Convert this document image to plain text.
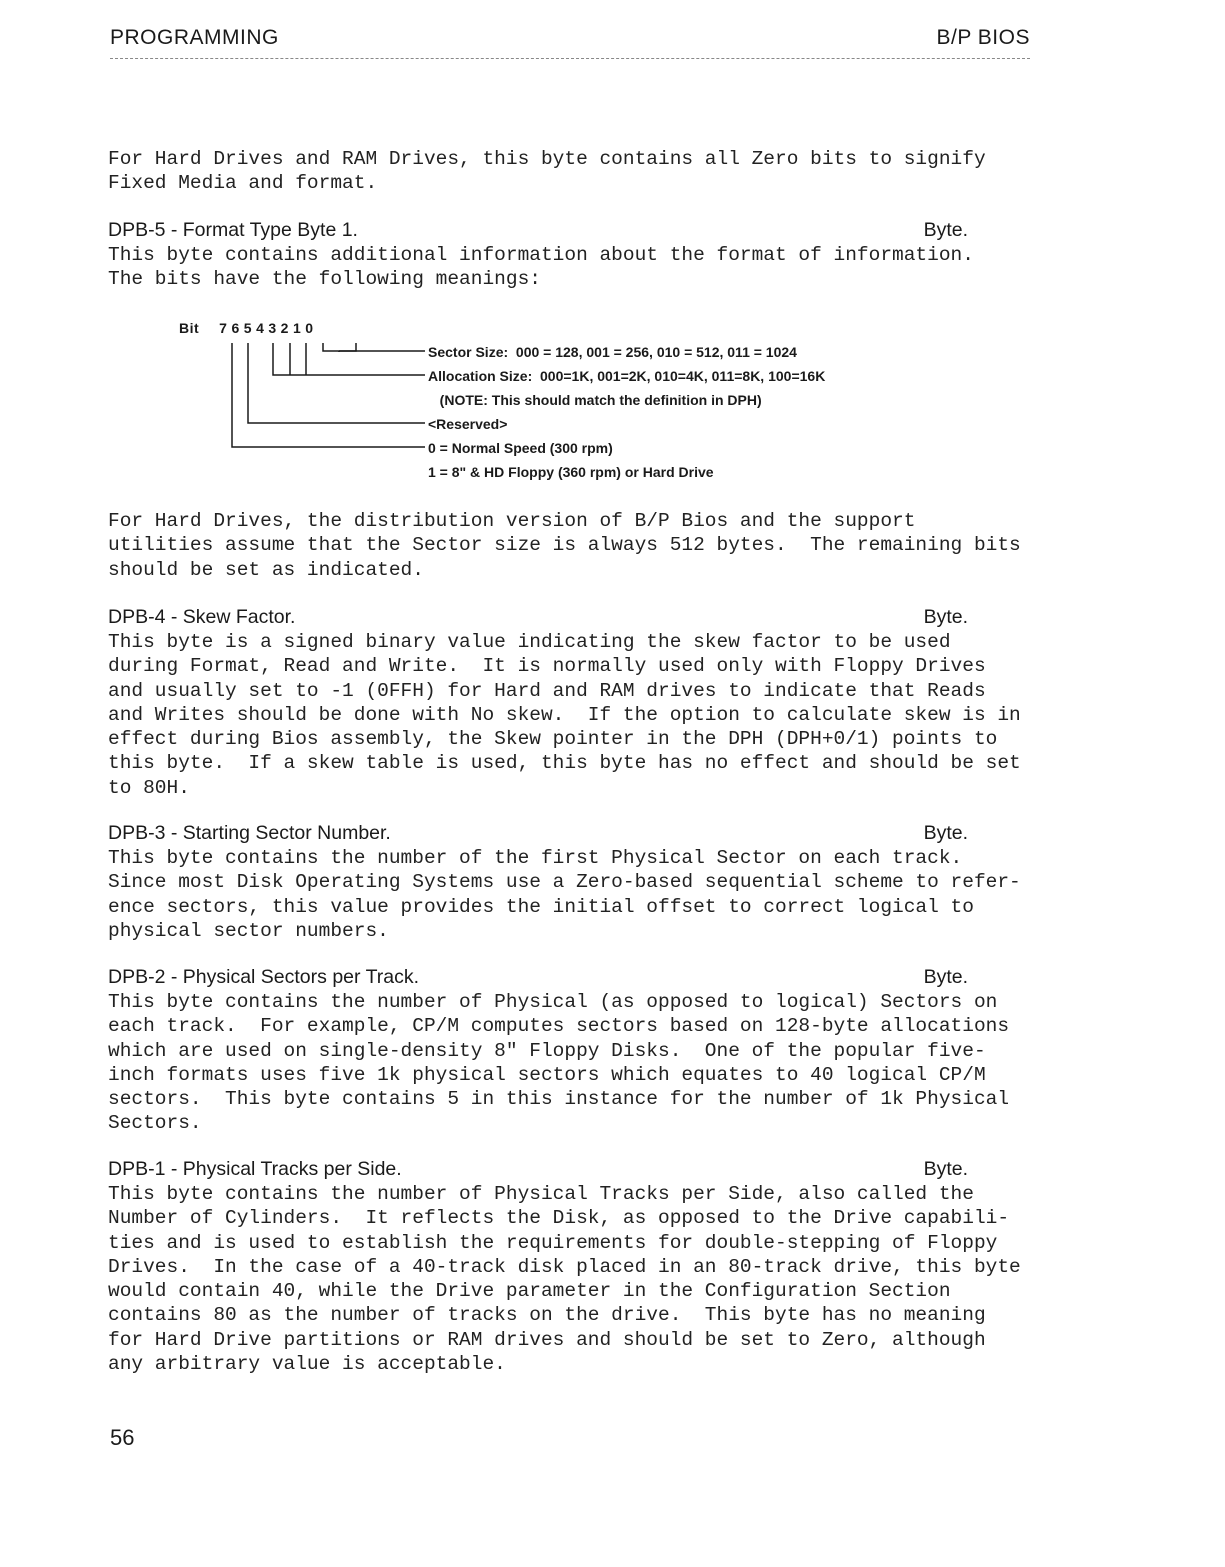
PROGRAMMING	B/P BIOS

For Hard Drives and RAM Drives, this byte contains all Zero bits to signify

Fixed Media and format.

DPB-5 - Format Type Byte 1.	Byte.

This byte contains additional information about the format of information.

The bits have the following meanings:

Bit 7 6 5 4 3 2 1 0
Sector Size:  000 = 128, 001 = 256, 010 = 512, 011 = 1024
Allocation Size:  000=1K, 001=2K, 010=4K, 011=8K, 100=16K
(NOTE: This should match the definition in DPH)
<Reserved>
0 = Normal Speed (300 rpm)
1 = 8" & HD Floppy (360 rpm) or Hard Drive

For Hard Drives, the distribution version of B/P Bios and the support

utilities assume that the Sector size is always 512 bytes.  The remaining bits

should be set as indicated.

DPB-4 - Skew Factor.	Byte.

This byte is a signed binary value indicating the skew factor to be used

during Format, Read and Write.  It is normally used only with Floppy Drives

and usually set to -1 (0FFH) for Hard and RAM drives to indicate that Reads

and Writes should be done with No skew.  If the option to calculate skew is in

effect during Bios assembly, the Skew pointer in the DPH (DPH+0/1) points to

this byte.  If a skew table is used, this byte has no effect and should be set

to 80H.

DPB-3 - Starting Sector Number.	Byte.

This byte contains the number of the first Physical Sector on each track.

Since most Disk Operating Systems use a Zero-based sequential scheme to refer-

ence sectors, this value provides the initial offset to correct logical to

physical sector numbers.

DPB-2 - Physical Sectors per Track.	Byte.

This byte contains the number of Physical (as opposed to logical) Sectors on

each track.  For example, CP/M computes sectors based on 128-byte allocations

which are used on single-density 8" Floppy Disks.  One of the popular five-

inch formats uses five 1k physical sectors which equates to 40 logical CP/M

sectors.  This byte contains 5 in this instance for the number of 1k Physical

Sectors.

DPB-1 - Physical Tracks per Side.	Byte.

This byte contains the number of Physical Tracks per Side, also called the

Number of Cylinders.  It reflects the Disk, as opposed to the Drive capabili-

ties and is used to establish the requirements for double-stepping of Floppy

Drives.  In the case of a 40-track disk placed in an 80-track drive, this byte

would contain 40, while the Drive parameter in the Configuration Section

contains 80 as the number of tracks on the drive.  This byte has no meaning

for Hard Drive partitions or RAM drives and should be set to Zero, although

any arbitrary value is acceptable.

56
